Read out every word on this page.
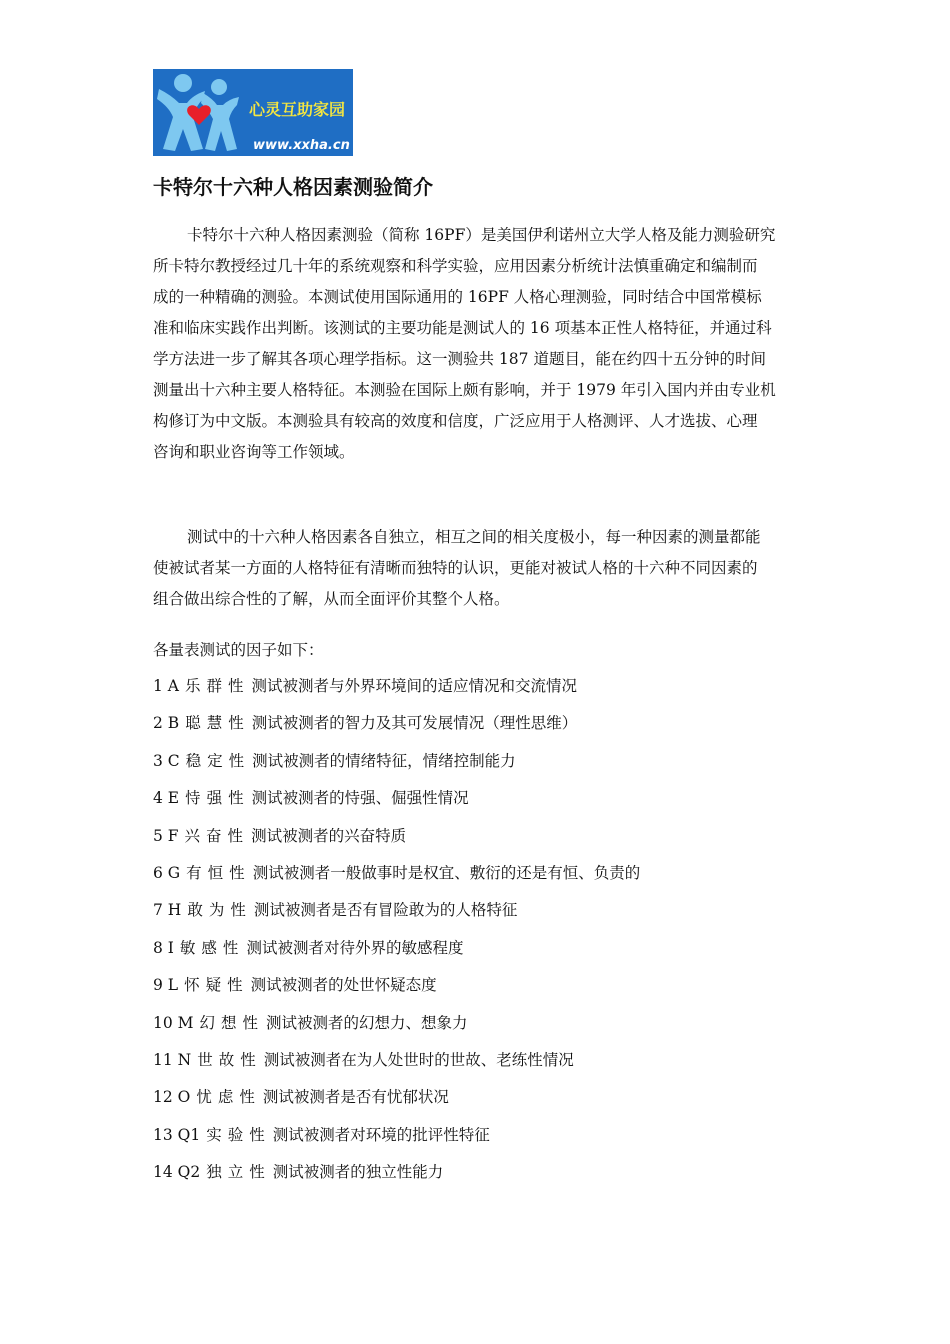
心灵互助家园
www.xxha.cn
卡特尔十六种人格因素测验简介

卡特尔十六种人格因素测验（简称 16PF）是美国伊利诺州立大学人格及能力测验研究
所卡特尔教授经过几十年的系统观察和科学实验，应用因素分析统计法慎重确定和编制而
成的一种精确的测验。本测试使用国际通用的 16PF 人格心理测验，同时结合中国常模标
准和临床实践作出判断。该测试的主要功能是测试人的 16 项基本正性人格特征，并通过科
学方法进一步了解其各项心理学指标。这一测验共 187 道题目，能在约四十五分钟的时间
测量出十六种主要人格特征。本测验在国际上颇有影响，并于 1979 年引入国内并由专业机
构修订为中文版。本测验具有较高的效度和信度，广泛应用于人格测评、人才选拔、心理
咨询和职业咨询等工作领域。

测试中的十六种人格因素各自独立，相互之间的相关度极小，每一种因素的测量都能
使被试者某一方面的人格特征有清晰而独特的认识，更能对被试人格的十六种不同因素的
组合做出综合性的了解，从而全面评价其整个人格。

各量表测试的因子如下：

1 A 乐群性 测试被测者与外界环境间的适应情况和交流情况
2 B 聪慧性 测试被测者的智力及其可发展情况（理性思维）
3 C 稳定性 测试被测者的情绪特征，情绪控制能力
4 E 恃强性 测试被测者的恃强、倔强性情况
5 F 兴奋性 测试被测者的兴奋特质
6 G 有恒性 测试被测者一般做事时是权宜、敷衍的还是有恒、负责的
7 H 敢为性 测试被测者是否有冒险敢为的人格特征
8 I 敏感性 测试被测者对待外界的敏感程度
9 L 怀疑性 测试被测者的处世怀疑态度
10 M 幻想性 测试被测者的幻想力、想象力
11 N 世故性 测试被测者在为人处世时的世故、老练性情况
12 O 忧虑性 测试被测者是否有忧郁状况
13 Q1 实验性 测试被测者对环境的批评性特征
14 Q2 独立性 测试被测者的独立性能力
